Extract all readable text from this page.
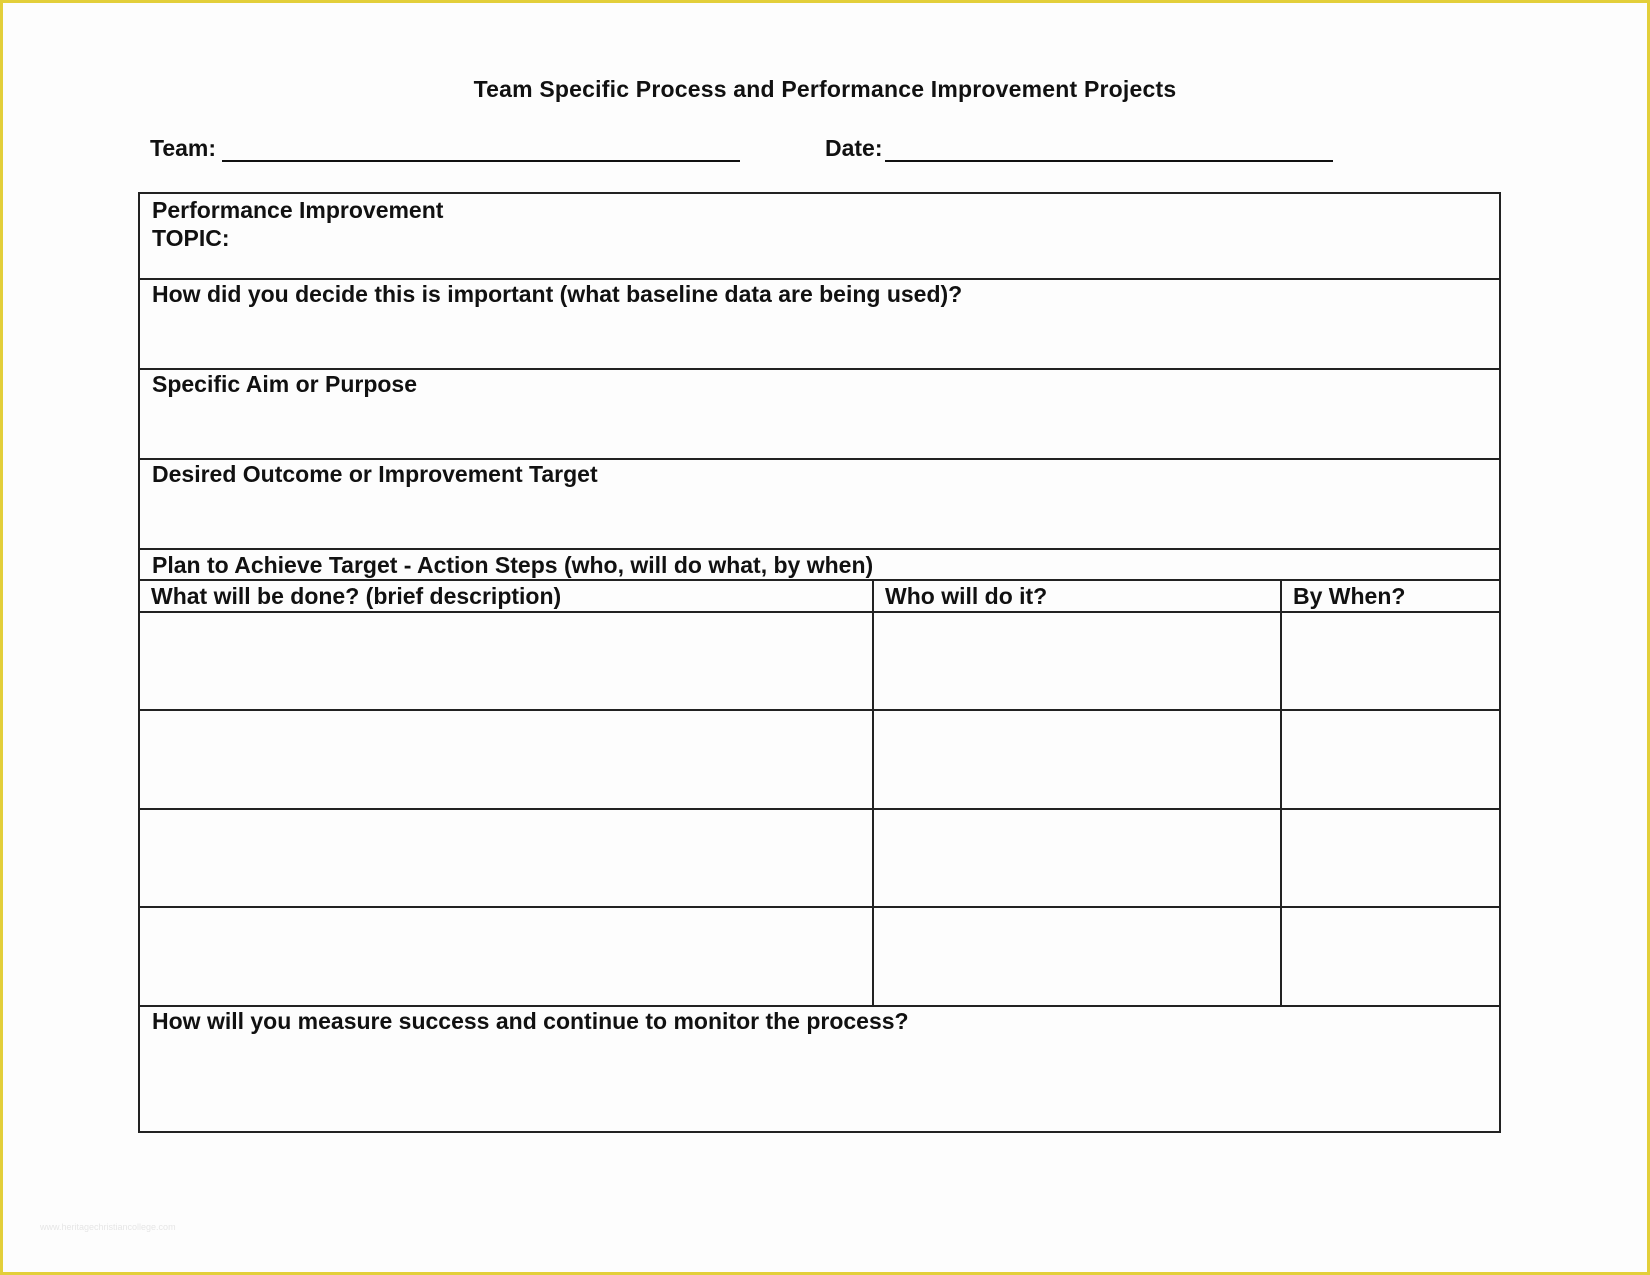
Team Specific Process and Performance Improvement Projects
Team:	Date:
Performance Improvement
TOPIC:
How did you decide this is important (what baseline data are being used)?
Specific Aim or Purpose
Desired Outcome or Improvement Target
Plan to Achieve Target - Action Steps (who, will do what, by when)
What will be done? (brief description)	Who will do it?	By When?
How will you measure success and continue to monitor the process?
www.heritagechristiancollege.com
